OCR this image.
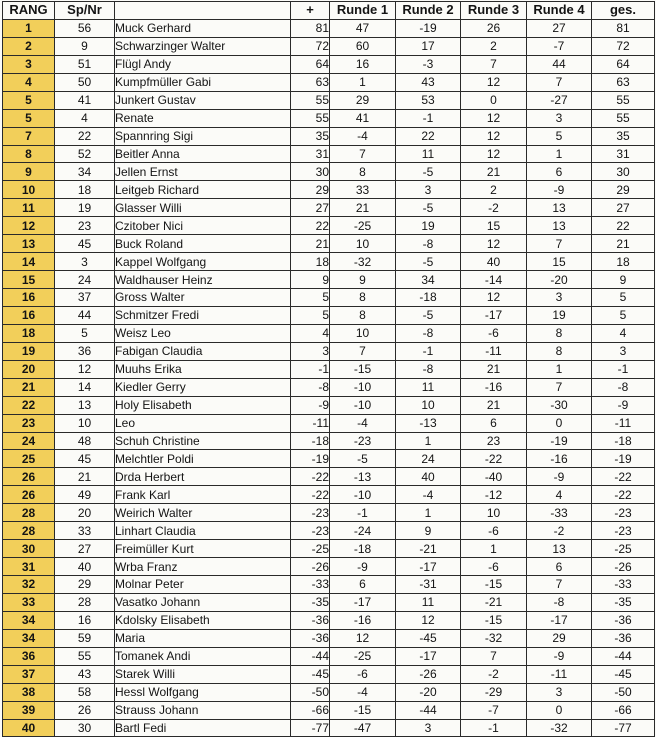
RANG	Sp/Nr		+	Runde 1	Runde 2	Runde 3	Runde 4	ges.
1	56	Muck Gerhard	81	47	-19	26	27	81
2	9	Schwarzinger Walter	72	60	17	2	-7	72
3	51	Flügl Andy	64	16	-3	7	44	64
4	50	Kumpfmüller Gabi	63	1	43	12	7	63
5	41	Junkert Gustav	55	29	53	0	-27	55
5	4	Renate	55	41	-1	12	3	55
7	22	Spannring Sigi	35	-4	22	12	5	35
8	52	Beitler Anna	31	7	11	12	1	31
9	34	Jellen Ernst	30	8	-5	21	6	30
10	18	Leitgeb Richard	29	33	3	2	-9	29
11	19	Glasser Willi	27	21	-5	-2	13	27
12	23	Czitober Nici	22	-25	19	15	13	22
13	45	Buck Roland	21	10	-8	12	7	21
14	3	Kappel Wolfgang	18	-32	-5	40	15	18
15	24	Waldhauser Heinz	9	9	34	-14	-20	9
16	37	Gross Walter	5	8	-18	12	3	5
16	44	Schmitzer Fredi	5	8	-5	-17	19	5
18	5	Weisz Leo	4	10	-8	-6	8	4
19	36	Fabigan Claudia	3	7	-1	-11	8	3
20	12	Muuhs Erika	-1	-15	-8	21	1	-1
21	14	Kiedler Gerry	-8	-10	11	-16	7	-8
22	13	Holy Elisabeth	-9	-10	10	21	-30	-9
23	10	Leo	-11	-4	-13	6	0	-11
24	48	Schuh Christine	-18	-23	1	23	-19	-18
25	45	Melchtler Poldi	-19	-5	24	-22	-16	-19
26	21	Drda Herbert	-22	-13	40	-40	-9	-22
26	49	Frank Karl	-22	-10	-4	-12	4	-22
28	20	Weirich Walter	-23	-1	1	10	-33	-23
28	33	Linhart Claudia	-23	-24	9	-6	-2	-23
30	27	Freimüller Kurt	-25	-18	-21	1	13	-25
31	40	Wrba Franz	-26	-9	-17	-6	6	-26
32	29	Molnar Peter	-33	6	-31	-15	7	-33
33	28	Vasatko Johann	-35	-17	11	-21	-8	-35
34	16	Kdolsky Elisabeth	-36	-16	12	-15	-17	-36
34	59	Maria	-36	12	-45	-32	29	-36
36	55	Tomanek Andi	-44	-25	-17	7	-9	-44
37	43	Starek Willi	-45	-6	-26	-2	-11	-45
38	58	Hessl Wolfgang	-50	-4	-20	-29	3	-50
39	26	Strauss Johann	-66	-15	-44	-7	0	-66
40	30	Bartl Fedi	-77	-47	3	-1	-32	-77
